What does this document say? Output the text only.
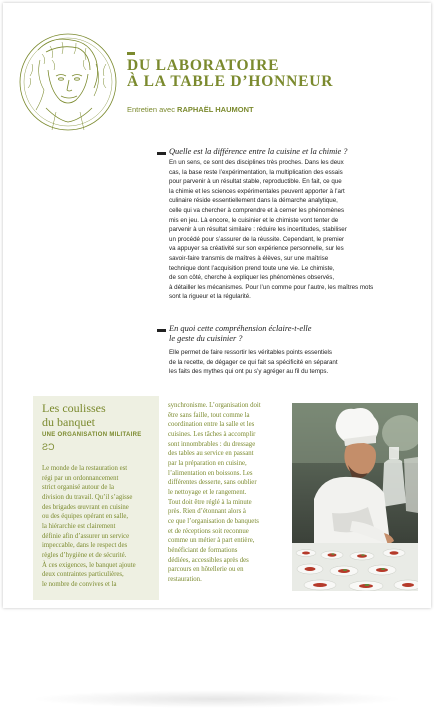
DU LABORATOIRE
À LA TABLE D’HONNEUR
Entretien avec RAPHAËL HAUMONT
Quelle est la différence entre la cuisine et la chimie ?
En un sens, ce sont des disciplines très proches. Dans les deux
cas, la base reste l’expérimentation, la multiplication des essais
pour parvenir à un résultat stable, reproductible. En fait, ce que
la chimie et les sciences expérimentales peuvent apporter à l’art
culinaire réside essentiellement dans la démarche analytique,
celle qui va chercher à comprendre et à cerner les phénomènes
mis en jeu. Là encore, le cuisinier et le chimiste vont tenter de
parvenir à un résultat similaire : réduire les incertitudes, stabiliser
un procédé pour s’assurer de la réussite. Cependant, le premier
va appuyer sa créativité sur son expérience personnelle, sur les
savoir-faire transmis de maîtres à élèves, sur une maîtrise
technique dont l’acquisition prend toute une vie. Le chimiste,
de son côté, cherche à expliquer les phénomènes observés,
à détailler les mécanismes. Pour l’un comme pour l’autre, les maîtres mots
sont la rigueur et la régularité.
En quoi cette compréhension éclaire-t-elle
le geste du cuisinier ?
Elle permet de faire ressortir les véritables points essentiels
de la recette, de dégager ce qui fait sa spécificité en séparant
les faits des mythes qui ont pu s’y agréger au fil du temps.
Les coulisses
du banquet
UNE ORGANISATION MILITAIRE
ƧƆ
Le monde de la restauration est
régi par un ordonnancement
strict organisé autour de la
division du travail. Qu’il s’agisse
des brigades œuvrant en cuisine
ou des équipes opérant en salle,
la hiérarchie est clairement
définie afin d’assurer un service
impeccable, dans le respect des
règles d’hygiène et de sécurité.
À ces exigences, le banquet ajoute
deux contraintes particulières,
le nombre de convives et la
synchronisme. L’organisation doit
être sans faille, tout comme la
coordination entre la salle et les
cuisines. Les tâches à accomplir
sont innombrables : du dressage
des tables au service en passant
par la préparation en cuisine,
l’alimentation en boissons. Les
différentes desserte, sans oublier
le nettoyage et le rangement.
Tout doit être réglé à la minute
près. Rien d’étonnant alors à
ce que l’organisation de banquets
et de réceptions soit reconnue
comme un métier à part entière,
bénéficiant de formations
dédiées, accessibles après des
parcours en hôtellerie ou en
restauration.
